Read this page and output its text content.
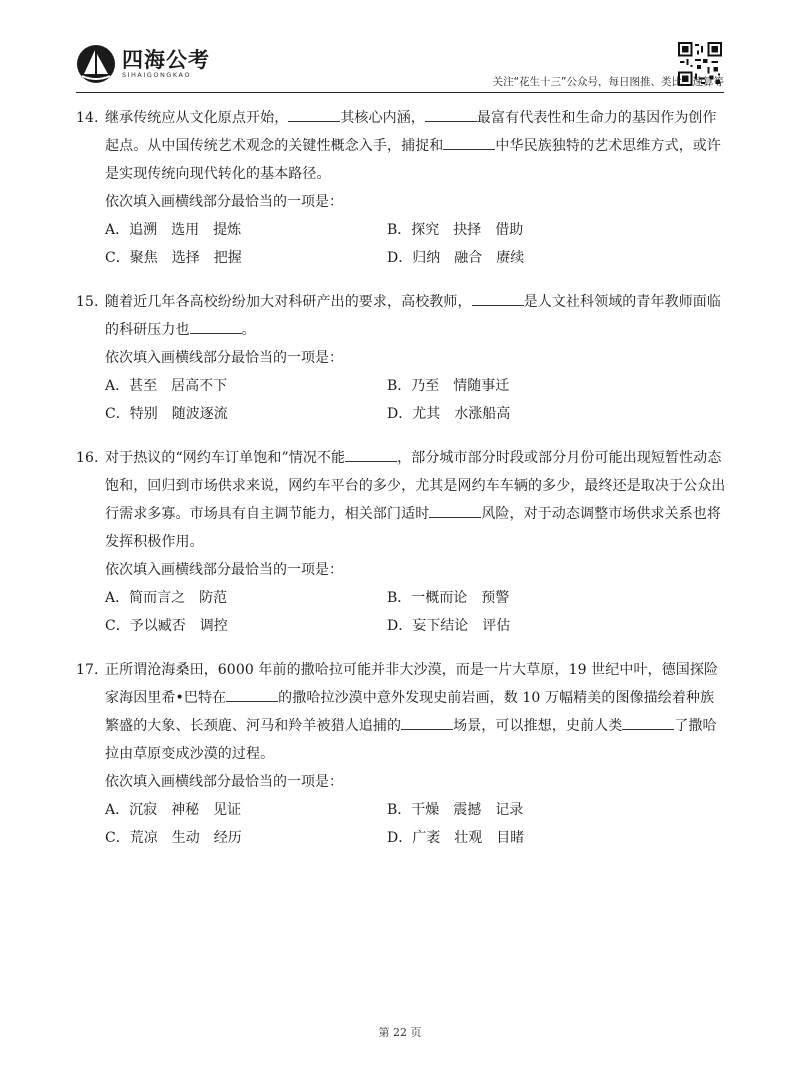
四海公考
SIHAIGONGKAO
关注“花生十三”公众号，每日图推、类比、速算等
14. 继承传统应从文化原点开始，	其核心内涵，	最富有代表性和生命力的基因作为创作起点。从中国传统艺术观念的关键性概念入手，捕捉和	中华民族独特的艺术思维方式，或许是实现传统向现代转化的基本路径。
依次填入画横线部分最恰当的一项是：
A．追溯　选用　提炼	B．探究　抉择　借助
C．聚焦　选择　把握	D．归纳　融合　赓续
15. 随着近几年各高校纷纷加大对科研产出的要求，高校教师，	是人文社科领域的青年教师面临的科研压力也	。
依次填入画横线部分最恰当的一项是：
A．甚至　居高不下	B．乃至　情随事迁
C．特别　随波逐流	D．尤其　水涨船高
16. 对于热议的“网约车订单饱和”情况不能	，部分城市部分时段或部分月份可能出现短暂性动态饱和，回归到市场供求来说，网约车平台的多少，尤其是网约车车辆的多少，最终还是取决于公众出行需求多寡。市场具有自主调节能力，相关部门适时	风险，对于动态调整市场供求关系也将发挥积极作用。
依次填入画横线部分最恰当的一项是：
A．简而言之　防范	B．一概而论　预警
C．予以臧否　调控	D．妄下结论　评估
17. 正所谓沧海桑田，6000 年前的撒哈拉可能并非大沙漠，而是一片大草原，19 世纪中叶，德国探险家海因里希•巴特在	的撒哈拉沙漠中意外发现史前岩画，数 10 万幅精美的图像描绘着种族繁盛的大象、长颈鹿、河马和羚羊被猎人追捕的	场景，可以推想，史前人类	了撒哈拉由草原变成沙漠的过程。
依次填入画横线部分最恰当的一项是：
A．沉寂　神秘　见证	B．干燥　震撼　记录
C．荒凉　生动　经历	D．广袤　壮观　目睹
第 22 页
